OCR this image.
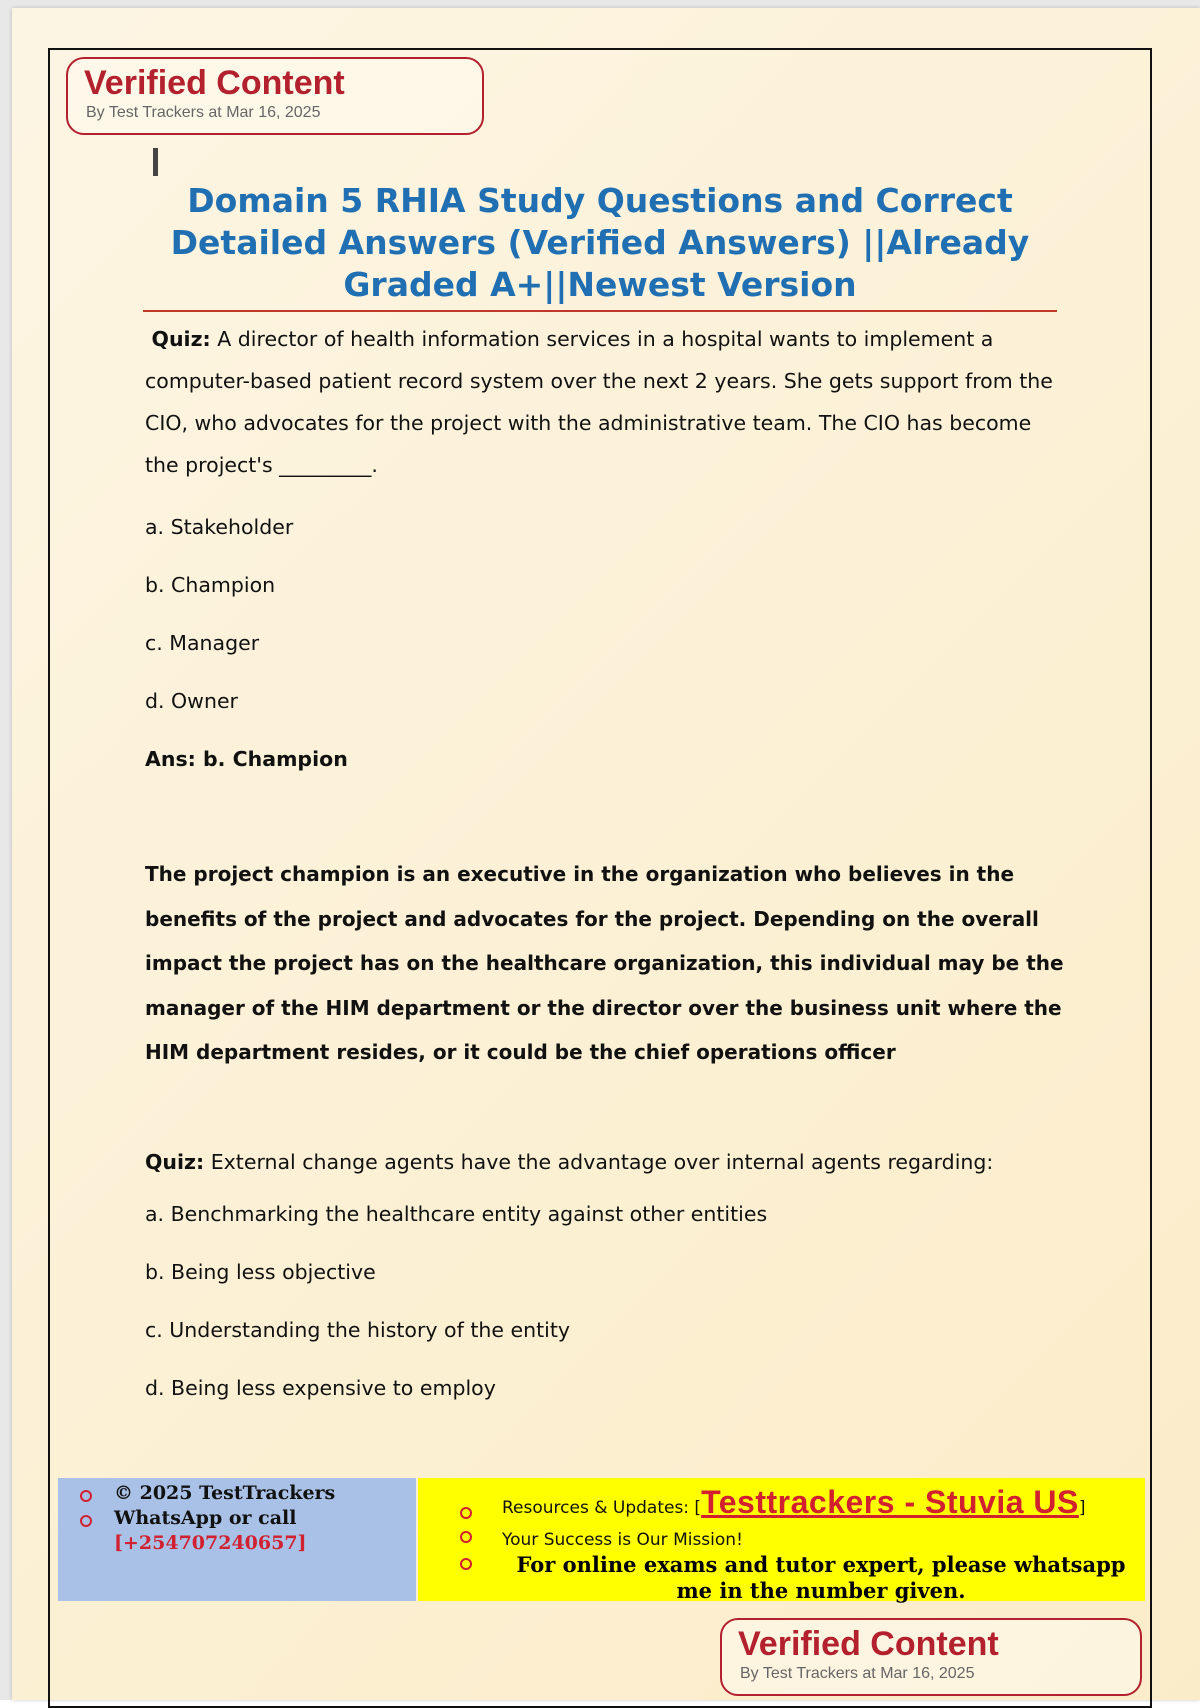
Verified Content
By Test Trackers at Mar 16, 2025
Domain 5 RHIA Study Questions and Correct
Detailed Answers (Verified Answers) ||Already
Graded A+||Newest Version

Quiz: A director of health information services in a hospital wants to implement a computer-based patient record system over the next 2 years. She gets support from the CIO, who advocates for the project with the administrative team. The CIO has become the project's _________.

a. Stakeholder
b. Champion
c. Manager
d. Owner

Ans: b. Champion

The project champion is an executive in the organization who believes in the benefits of the project and advocates for the project. Depending on the overall impact the project has on the healthcare organization, this individual may be the manager of the HIM department or the director over the business unit where the HIM department resides, or it could be the chief operations officer

Quiz: External change agents have the advantage over internal agents regarding:

a. Benchmarking the healthcare entity against other entities
b. Being less objective
c. Understanding the history of the entity
d. Being less expensive to employ
© 2025 TestTrackers
WhatsApp or call
[+254707240657]
Resources & Updates: [Testtrackers - Stuvia US]
Your Success is Our Mission!
For online exams and tutor expert, please whatsapp me in the number given.
Verified Content
By Test Trackers at Mar 16, 2025
